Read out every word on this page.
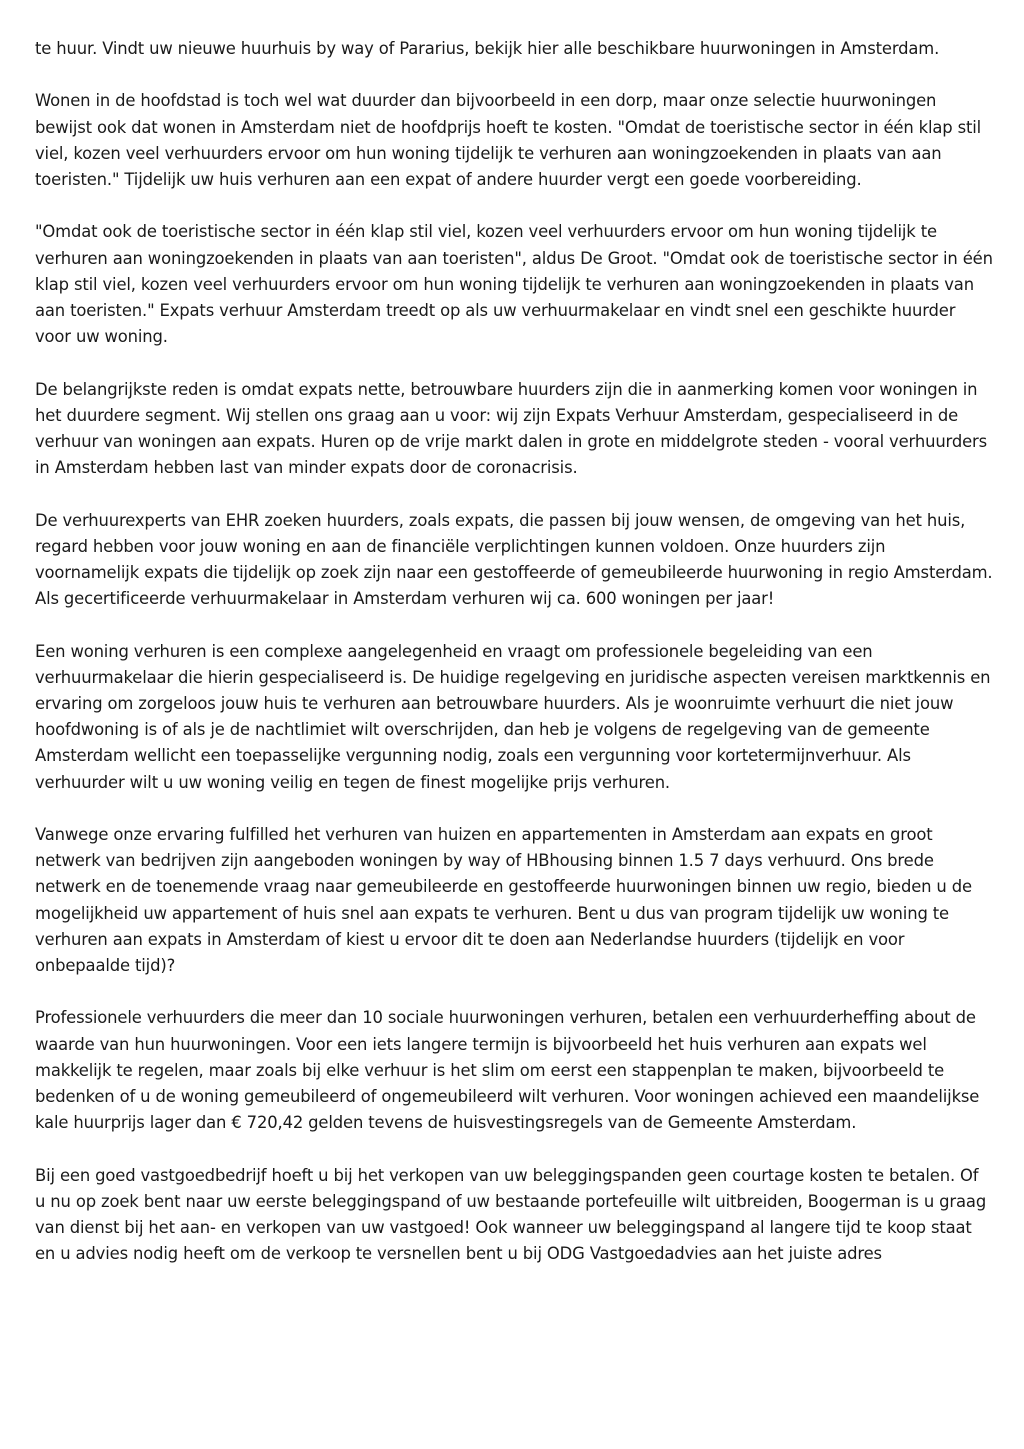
te huur. Vindt uw nieuwe huurhuis by way of Pararius, bekijk hier alle beschikbare huurwoningen in Amsterdam.

Wonen in de hoofdstad is toch wel wat duurder dan bijvoorbeeld in een dorp, maar onze selectie huurwoningen bewijst ook dat wonen in Amsterdam niet de hoofdprijs hoeft te kosten. "Omdat de toeristische sector in één klap stil viel, kozen veel verhuurders ervoor om hun woning tijdelijk te verhuren aan woningzoekenden in plaats van aan toeristen." Tijdelijk uw huis verhuren aan een expat of andere huurder vergt een goede voorbereiding.

"Omdat ook de toeristische sector in één klap stil viel, kozen veel verhuurders ervoor om hun woning tijdelijk te verhuren aan woningzoekenden in plaats van aan toeristen", aldus De Groot. "Omdat ook de toeristische sector in één klap stil viel, kozen veel verhuurders ervoor om hun woning tijdelijk te verhuren aan woningzoekenden in plaats van aan toeristen." Expats verhuur Amsterdam treedt op als uw verhuurmakelaar en vindt snel een geschikte huurder voor uw woning.

De belangrijkste reden is omdat expats nette, betrouwbare huurders zijn die in aanmerking komen voor woningen in het duurdere segment. Wij stellen ons graag aan u voor: wij zijn Expats Verhuur Amsterdam, gespecialiseerd in de verhuur van woningen aan expats. Huren op de vrije markt dalen in grote en middelgrote steden - vooral verhuurders in Amsterdam hebben last van minder expats door de coronacrisis.

De verhuurexperts van EHR zoeken huurders, zoals expats, die passen bij jouw wensen, de omgeving van het huis, regard hebben voor jouw woning en aan de financiële verplichtingen kunnen voldoen. Onze huurders zijn voornamelijk expats die tijdelijk op zoek zijn naar een gestoffeerde of gemeubileerde huurwoning in regio Amsterdam. Als gecertificeerde verhuurmakelaar in Amsterdam verhuren wij ca. 600 woningen per jaar!

Een woning verhuren is een complexe aangelegenheid en vraagt om professionele begeleiding van een verhuurmakelaar die hierin gespecialiseerd is. De huidige regelgeving en juridische aspecten vereisen marktkennis en ervaring om zorgeloos jouw huis te verhuren aan betrouwbare huurders. Als je woonruimte verhuurt die niet jouw hoofdwoning is of als je de nachtlimiet wilt overschrijden, dan heb je volgens de regelgeving van de gemeente Amsterdam wellicht een toepasselijke vergunning nodig, zoals een vergunning voor kortetermijnverhuur. Als verhuurder wilt u uw woning veilig en tegen de finest mogelijke prijs verhuren.

Vanwege onze ervaring fulfilled het verhuren van huizen en appartementen in Amsterdam aan expats en groot netwerk van bedrijven zijn aangeboden woningen by way of HBhousing binnen 1.5 7 days verhuurd. Ons brede netwerk en de toenemende vraag naar gemeubileerde en gestoffeerde huurwoningen binnen uw regio, bieden u de mogelijkheid uw appartement of huis snel aan expats te verhuren. Bent u dus van program tijdelijk uw woning te verhuren aan expats in Amsterdam of kiest u ervoor dit te doen aan Nederlandse huurders (tijdelijk en voor onbepaalde tijd)?

Professionele verhuurders die meer dan 10 sociale huurwoningen verhuren, betalen een verhuurderheffing about de waarde van hun huurwoningen. Voor een iets langere termijn is bijvoorbeeld het huis verhuren aan expats wel makkelijk te regelen, maar zoals bij elke verhuur is het slim om eerst een stappenplan te maken, bijvoorbeeld te bedenken of u de woning gemeubileerd of ongemeubileerd wilt verhuren. Voor woningen achieved een maandelijkse kale huurprijs lager dan € 720,42 gelden tevens de huisvestingsregels van de Gemeente Amsterdam.

Bij een goed vastgoedbedrijf hoeft u bij het verkopen van uw beleggingspanden geen courtage kosten te betalen. Of u nu op zoek bent naar uw eerste beleggingspand of uw bestaande portefeuille wilt uitbreiden, Boogerman is u graag van dienst bij het aan- en verkopen van uw vastgoed! Ook wanneer uw beleggingspand al langere tijd te koop staat en u advies nodig heeft om de verkoop te versnellen bent u bij ODG Vastgoedadvies aan het juiste adres
